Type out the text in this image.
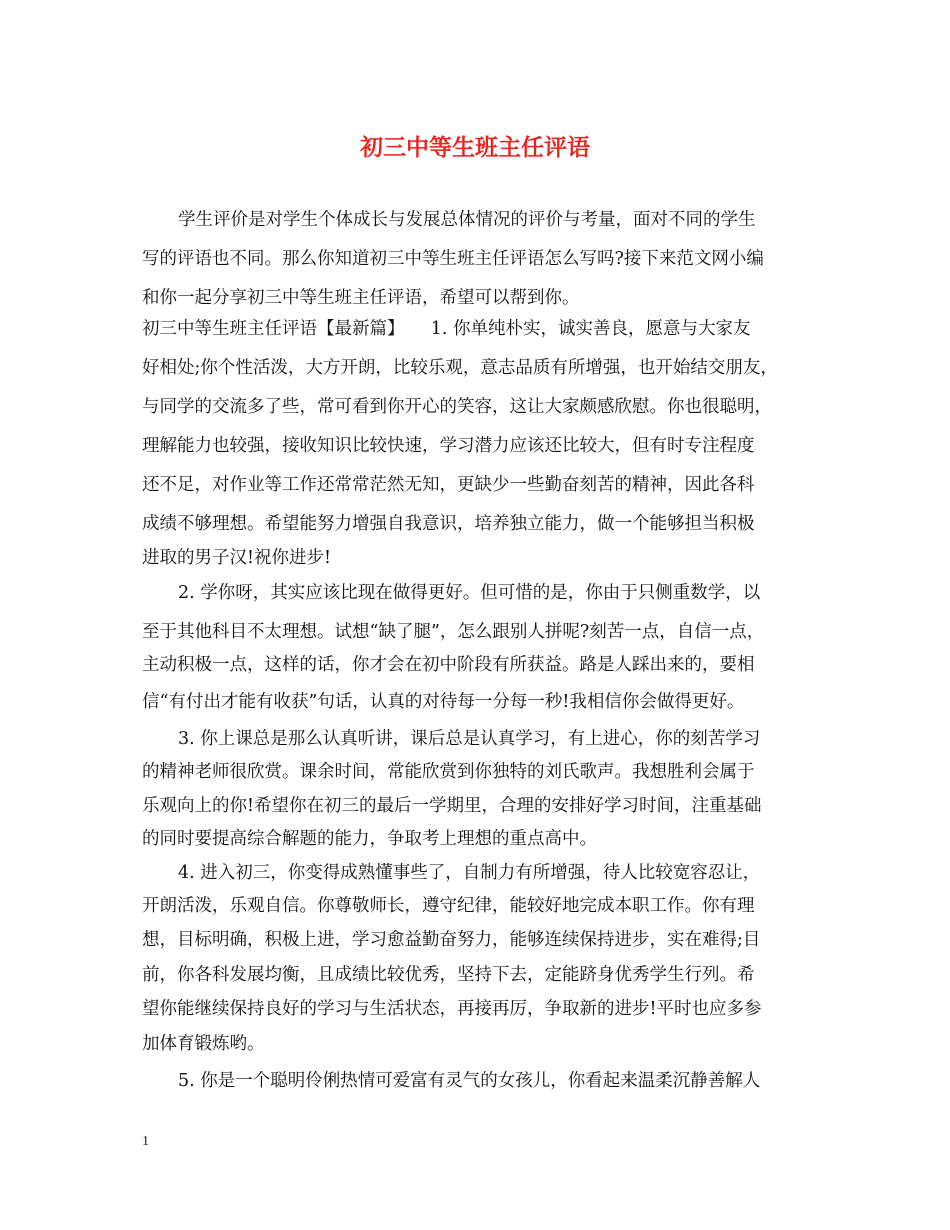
初三中等生班主任评语
学生评价是对学生个体成长与发展总体情况的评价与考量，面对不同的学生
写的评语也不同。那么你知道初三中等生班主任评语怎么写吗?接下来范文网小编
和你一起分享初三中等生班主任评语，希望可以帮到你。
初三中等生班主任评语【最新篇】　　1. 你单纯朴实，诚实善良，愿意与大家友
好相处;你个性活泼，大方开朗，比较乐观，意志品质有所增强，也开始结交朋友，
与同学的交流多了些，常可看到你开心的笑容，这让大家颇感欣慰。你也很聪明，
理解能力也较强，接收知识比较快速，学习潜力应该还比较大，但有时专注程度
还不足，对作业等工作还常常茫然无知，更缺少一些勤奋刻苦的精神，因此各科
成绩不够理想。希望能努力增强自我意识，培养独立能力，做一个能够担当积极
进取的男子汉!祝你进步!
2. 学你呀，其实应该比现在做得更好。但可惜的是，你由于只侧重数学，以
至于其他科目不太理想。试想“缺了腿”，怎么跟别人拼呢?刻苦一点，自信一点，
主动积极一点，这样的话，你才会在初中阶段有所获益。路是人踩出来的，要相
信“有付出才能有收获”句话，认真的对待每一分每一秒!我相信你会做得更好。
3. 你上课总是那么认真听讲，课后总是认真学习，有上进心，你的刻苦学习
的精神老师很欣赏。课余时间，常能欣赏到你独特的刘氏歌声。我想胜利会属于
乐观向上的你!希望你在初三的最后一学期里，合理的安排好学习时间，注重基础
的同时要提高综合解题的能力，争取考上理想的重点高中。
4. 进入初三，你变得成熟懂事些了，自制力有所增强，待人比较宽容忍让，
开朗活泼，乐观自信。你尊敬师长，遵守纪律，能较好地完成本职工作。你有理
想，目标明确，积极上进，学习愈益勤奋努力，能够连续保持进步，实在难得;目
前，你各科发展均衡，且成绩比较优秀，坚持下去，定能跻身优秀学生行列。希
望你能继续保持良好的学习与生活状态，再接再厉，争取新的进步!平时也应多参
加体育锻炼哟。
1
5. 你是一个聪明伶俐热情可爱富有灵气的女孩儿，你看起来温柔沉静善解人
